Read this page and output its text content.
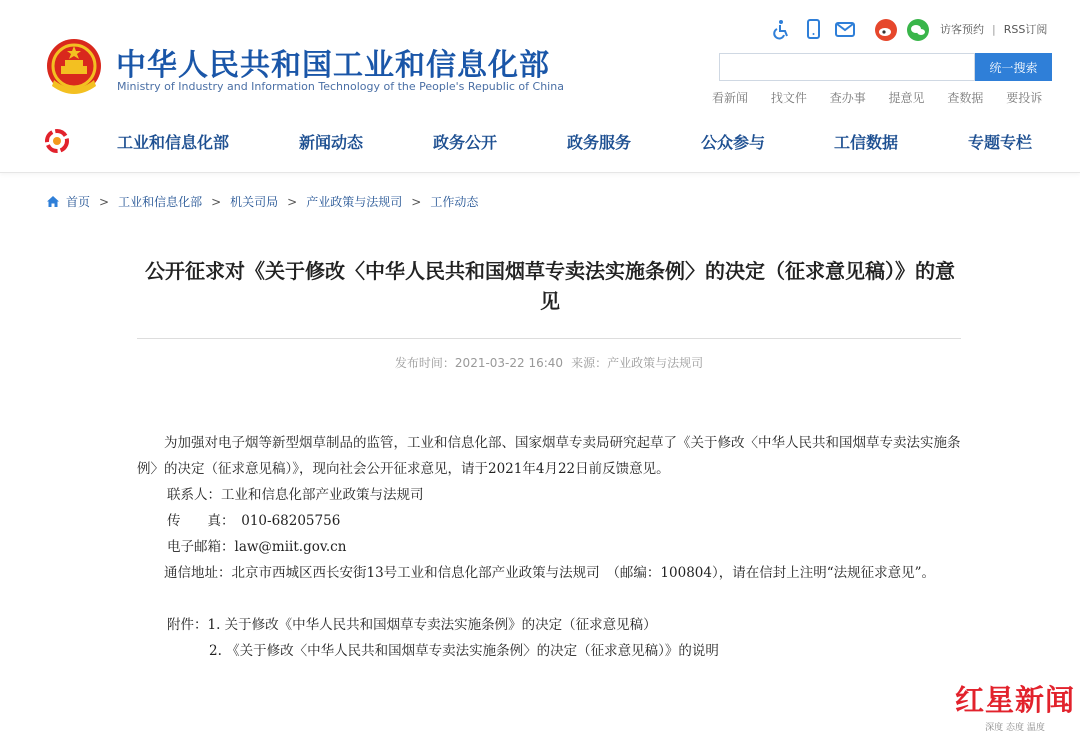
中华人民共和国工业和信息化部
Ministry of Industry and Information Technology of the People's Republic of China
访客预约 | RSS订阅
统一搜索
看新闻 找文件 查办事 提意见 查数据 要投诉
工业和信息化部	新闻动态	政务公开	政务服务	公众参与	工信数据	专题专栏
首页 > 工业和信息化部 > 机关司局 > 产业政策与法规司 > 工作动态
公开征求对《关于修改〈中华人民共和国烟草专卖法实施条例〉的决定（征求意见稿）》的意见
发布时间：2021-03-22 16:40 来源：产业政策与法规司

为加强对电子烟等新型烟草制品的监管，工业和信息化部、国家烟草专卖局研究起草了《关于修改〈中华人民共和国烟草专卖法实施条例〉的决定（征求意见稿）》，现向社会公开征求意见，请于2021年4月22日前反馈意见。

联系人：工业和信息化部产业政策与法规司

传　　真：　010-68205756

电子邮箱：law@miit.gov.cn

通信地址：北京市西城区西长安街13号工业和信息化部产业政策与法规司　（邮编：100804），请在信封上注明“法规征求意见”。

附件：1. 关于修改《中华人民共和国烟草专卖法实施条例》的决定（征求意见稿）

2. 《关于修改〈中华人民共和国烟草专卖法实施条例〉的决定（征求意见稿）》的说明

红星新闻
深度 态度 温度
